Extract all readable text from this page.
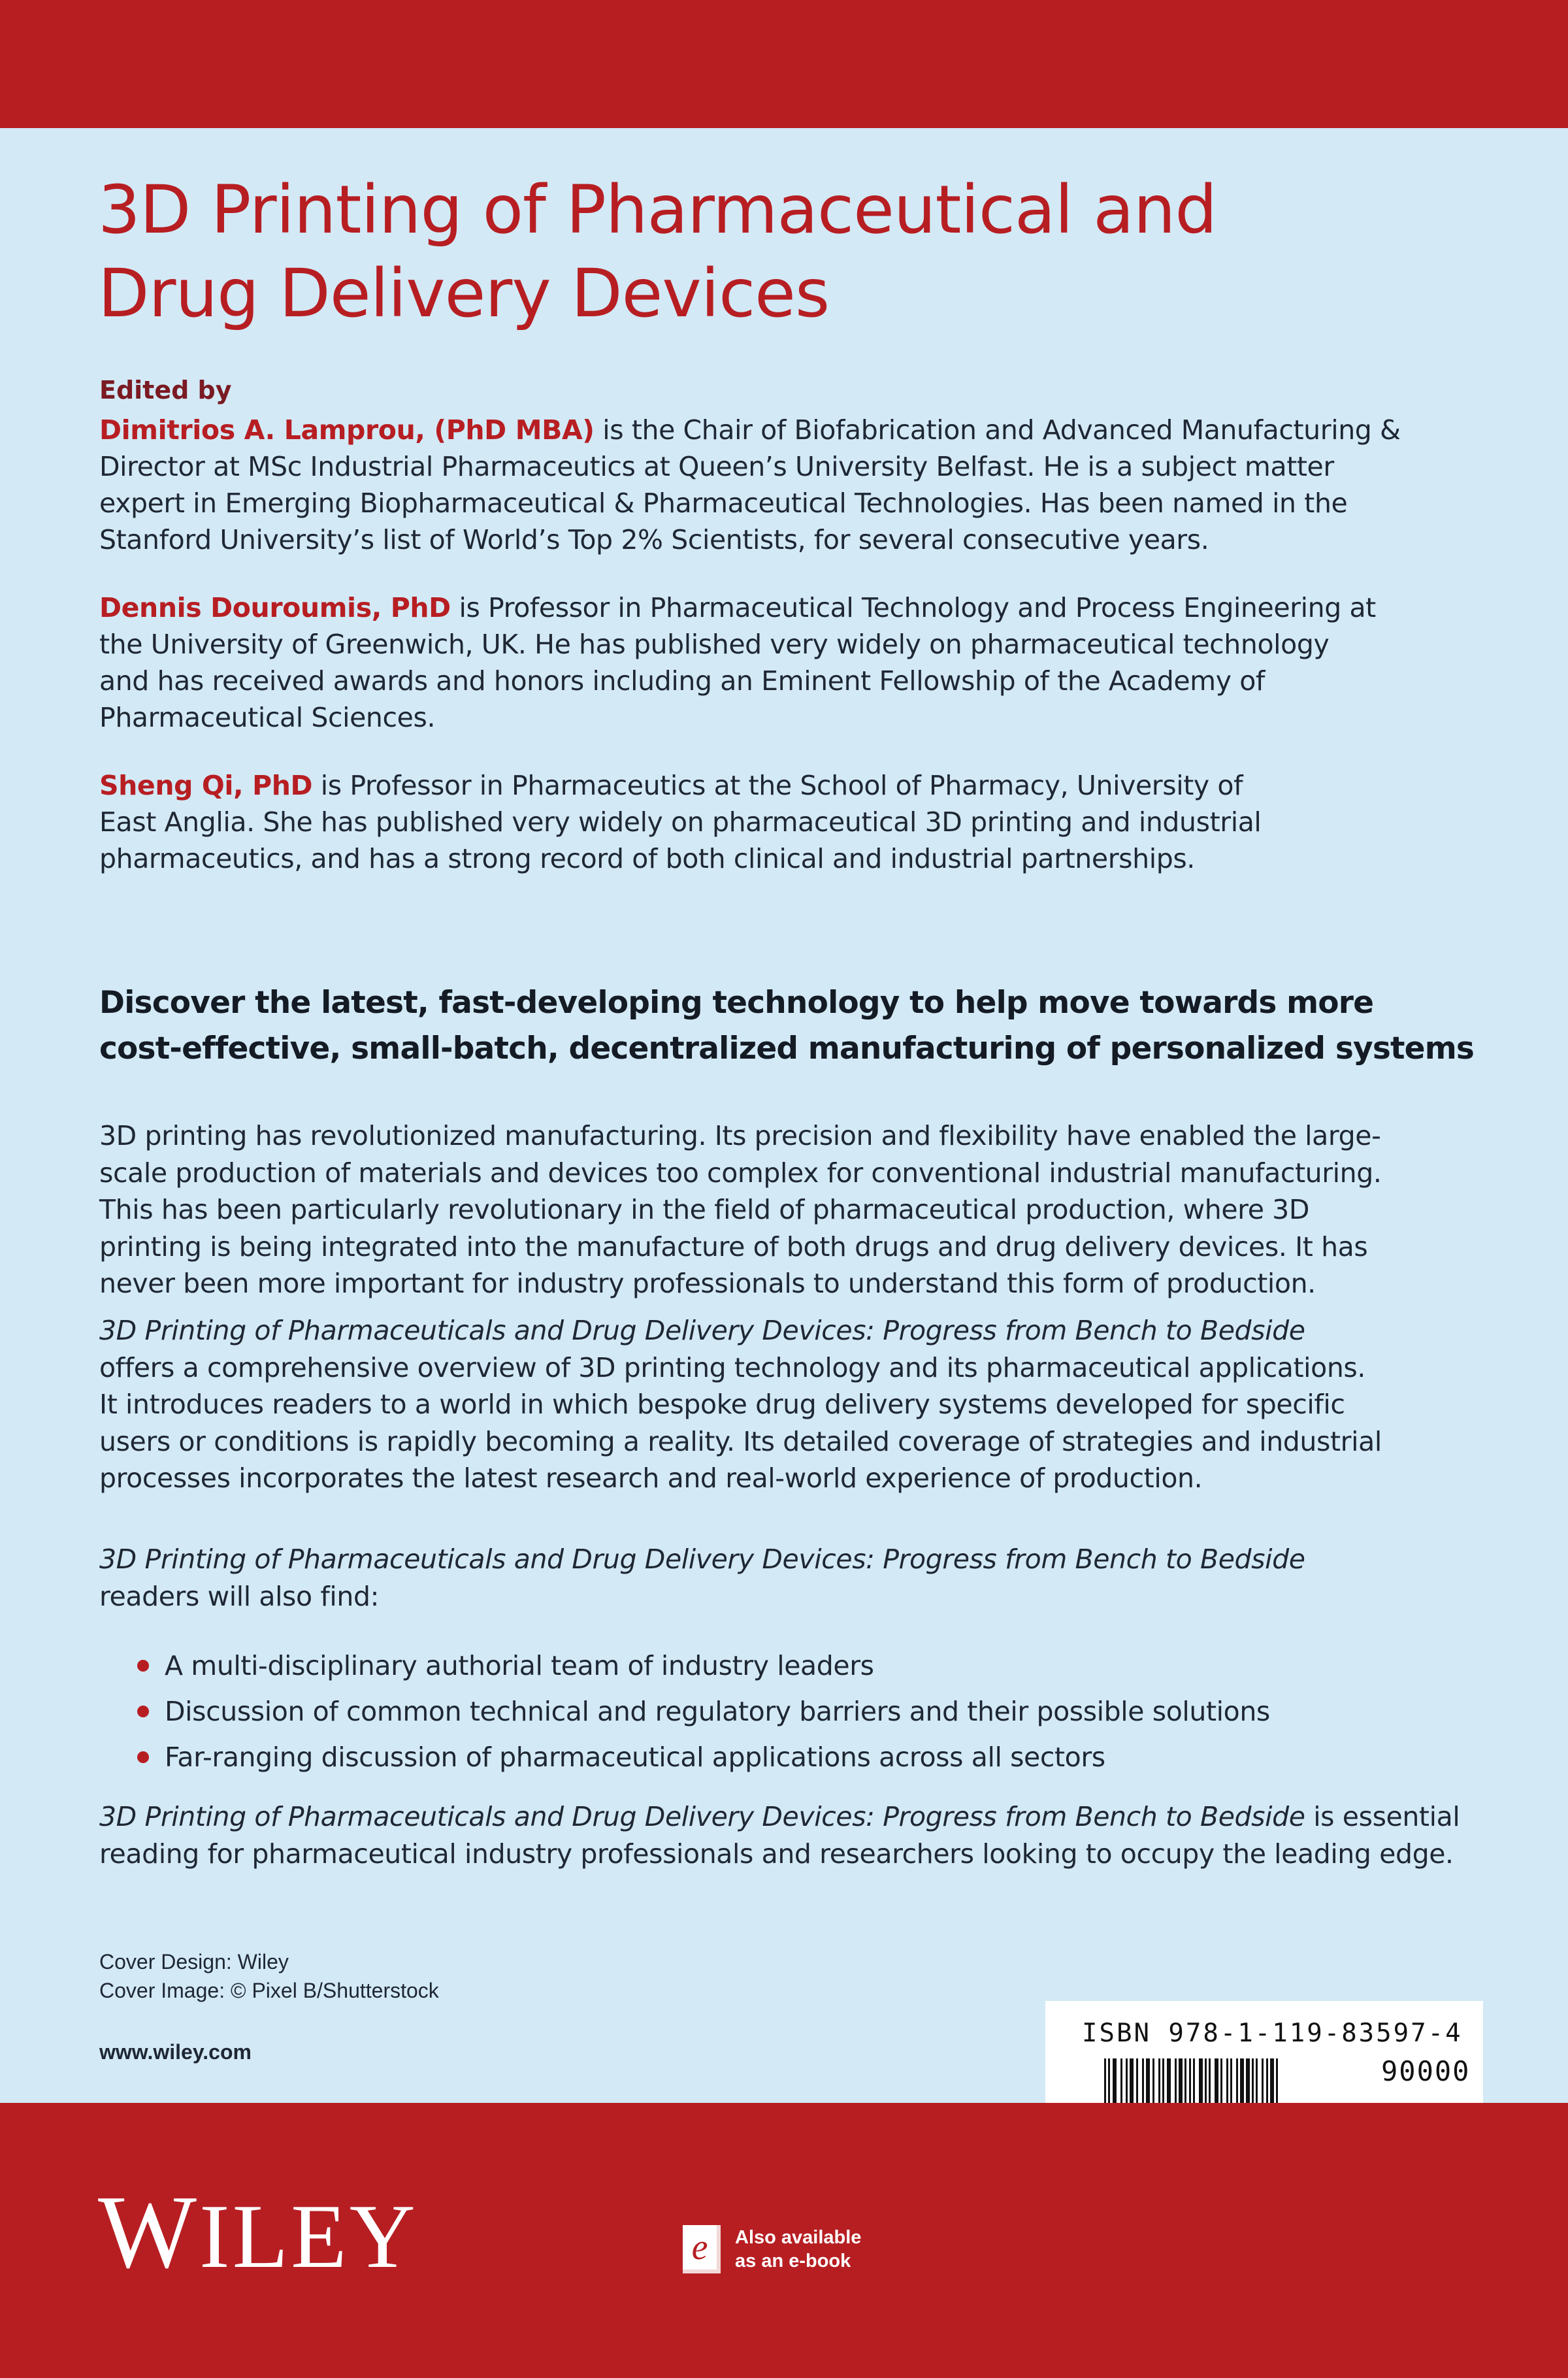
3D Printing of Pharmaceutical and
Drug Delivery Devices
Edited by

Dimitrios A. Lamprou, (PhD MBA) is the Chair of Biofabrication and Advanced Manufacturing &
Director at MSc Industrial Pharmaceutics at Queen’s University Belfast. He is a subject matter
expert in Emerging Biopharmaceutical & Pharmaceutical Technologies. Has been named in the
Stanford University’s list of World’s Top 2% Scientists, for several consecutive years.

Dennis Douroumis, PhD is Professor in Pharmaceutical Technology and Process Engineering at
the University of Greenwich, UK. He has published very widely on pharmaceutical technology
and has received awards and honors including an Eminent Fellowship of the Academy of
Pharmaceutical Sciences.

Sheng Qi, PhD is Professor in Pharmaceutics at the School of Pharmacy, University of
East Anglia. She has published very widely on pharmaceutical 3D printing and industrial
pharmaceutics, and has a strong record of both clinical and industrial partnerships.

Discover the latest, fast-developing technology to help move towards more
cost-effective, small-batch, decentralized manufacturing of personalized systems
3D printing has revolutionized manufacturing. Its precision and flexibility have enabled the large-
scale production of materials and devices too complex for conventional industrial manufacturing.
This has been particularly revolutionary in the field of pharmaceutical production, where 3D
printing is being integrated into the manufacture of both drugs and drug delivery devices. It has
never been more important for industry professionals to understand this form of production.
3D Printing of Pharmaceuticals and Drug Delivery Devices: Progress from Bench to Bedside
offers a comprehensive overview of 3D printing technology and its pharmaceutical applications.
It introduces readers to a world in which bespoke drug delivery systems developed for specific
users or conditions is rapidly becoming a reality. Its detailed coverage of strategies and industrial
processes incorporates the latest research and real-world experience of production.
3D Printing of Pharmaceuticals and Drug Delivery Devices: Progress from Bench to Bedside
readers will also find:
A multi-disciplinary authorial team of industry leaders
Discussion of common technical and regulatory barriers and their possible solutions
Far-ranging discussion of pharmaceutical applications across all sectors
3D Printing of Pharmaceuticals and Drug Delivery Devices: Progress from Bench to Bedside is essential
reading for pharmaceutical industry professionals and researchers looking to occupy the leading edge.
Cover Design: Wiley
Cover Image: © Pixel B/Shutterstock
www.wiley.com
ISBN 978-1-119-83597-4
90000
WILEY	e	Also available
as an e-book
